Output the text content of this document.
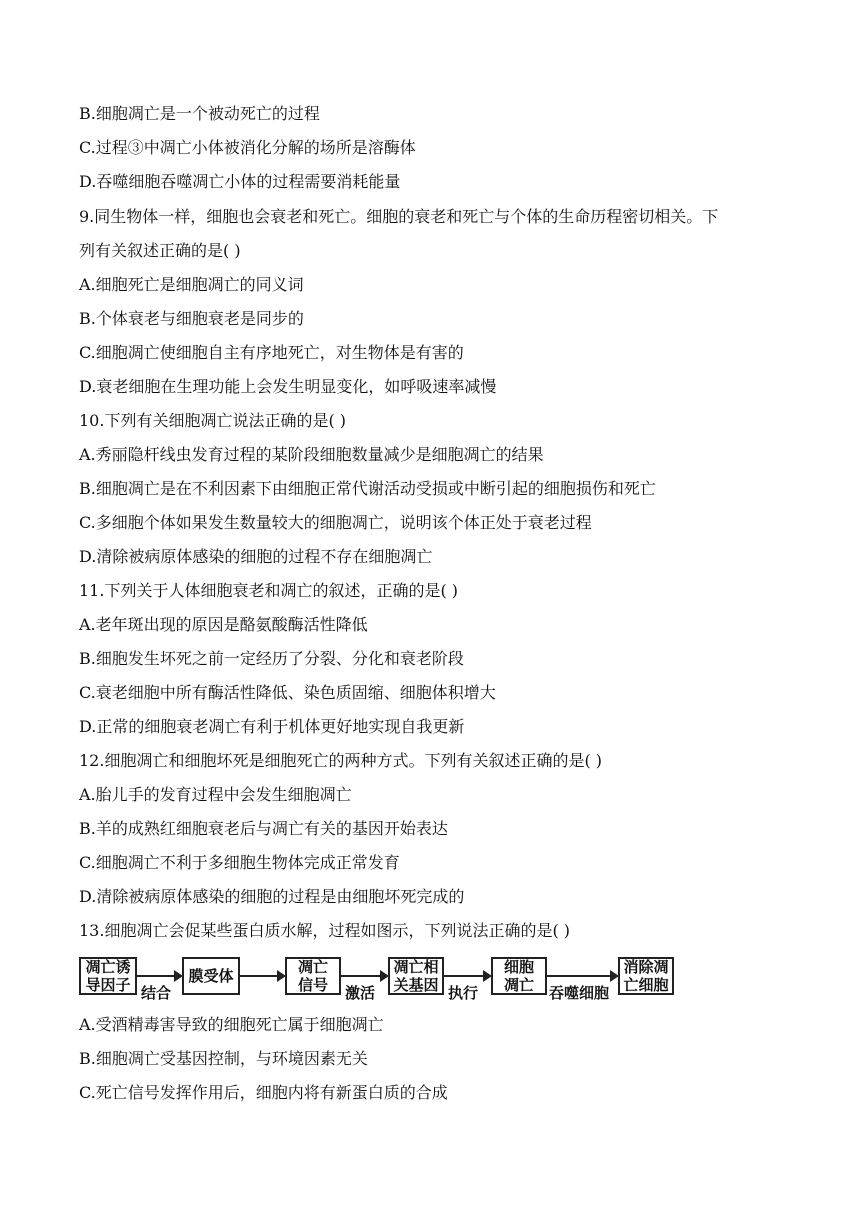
B.细胞凋亡是一个被动死亡的过程
C.过程③中凋亡小体被消化分解的场所是溶酶体
D.吞噬细胞吞噬凋亡小体的过程需要消耗能量
9.同生物体一样，细胞也会衰老和死亡。细胞的衰老和死亡与个体的生命历程密切相关。下
列有关叙述正确的是( )
A.细胞死亡是细胞凋亡的同义词
B.个体衰老与细胞衰老是同步的
C.细胞凋亡使细胞自主有序地死亡，对生物体是有害的
D.衰老细胞在生理功能上会发生明显变化，如呼吸速率减慢
10.下列有关细胞凋亡说法正确的是( )
A.秀丽隐杆线虫发育过程的某阶段细胞数量减少是细胞凋亡的结果
B.细胞凋亡是在不利因素下由细胞正常代谢活动受损或中断引起的细胞损伤和死亡
C.多细胞个体如果发生数量较大的细胞凋亡，说明该个体正处于衰老过程
D.清除被病原体感染的细胞的过程不存在细胞凋亡
11.下列关于人体细胞衰老和凋亡的叙述，正确的是( )
A.老年斑出现的原因是酪氨酸酶活性降低
B.细胞发生坏死之前一定经历了分裂、分化和衰老阶段
C.衰老细胞中所有酶活性降低、染色质固缩、细胞体积增大
D.正常的细胞衰老凋亡有利于机体更好地实现自我更新
12.细胞凋亡和细胞坏死是细胞死亡的两种方式。下列有关叙述正确的是( )
A.胎儿手的发育过程中会发生细胞凋亡
B.羊的成熟红细胞衰老后与凋亡有关的基因开始表达
C.细胞凋亡不利于多细胞生物体完成正常发育
D.清除被病原体感染的细胞的过程是由细胞坏死完成的
13.细胞凋亡会促某些蛋白质水解，过程如图示，下列说法正确的是( )
凋亡诱
导因子 结合
膜受体	凋亡
信号 激活
凋亡相
关基因 执行
细胞
凋亡 吞噬细胞
消除凋
亡细胞
A.受酒精毒害导致的细胞死亡属于细胞凋亡
B.细胞凋亡受基因控制，与环境因素无关
C.死亡信号发挥作用后，细胞内将有新蛋白质的合成
